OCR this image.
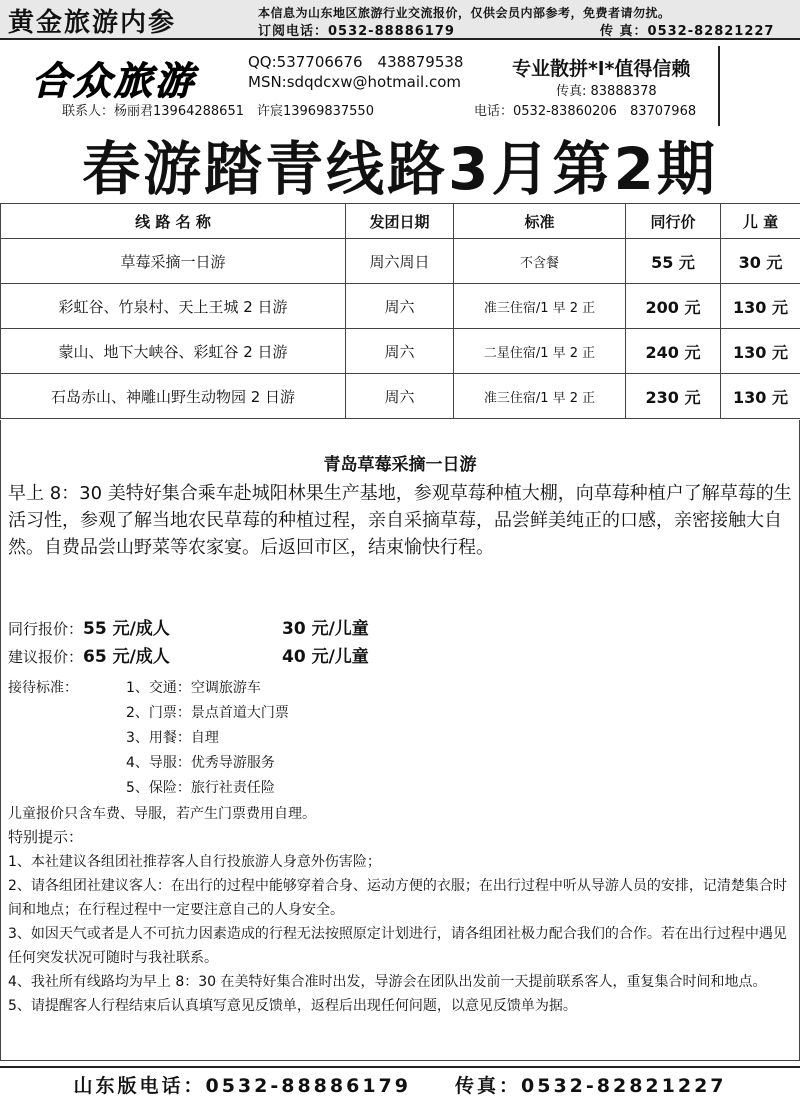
黄金旅游内参	本信息为山东地区旅游行业交流报价，仅供会员内部参考，免费者请勿扰。
订阅电话：0532-88886179	传 真：0532-82821227
合众旅游	QQ:537706676　438879538
MSN:sdqdcxw@hotmail.com
专业散拼*l*值得信赖
传真: 83888378
联系人：杨丽君13964288651　许宸13969837550	电话：0532-83860206　83707968
春游踏青线路3月第2期
线 路 名 称	发团日期	标准	同行价	儿 童
草莓采摘一日游	周六周日	不含餐	55 元	30 元
彩虹谷、竹泉村、天上王城 2 日游	周六	准三住宿/1 早 2 正	200 元	130 元
蒙山、地下大峡谷、彩虹谷 2 日游	周六	二星住宿/1 早 2 正	240 元	130 元
石岛赤山、神雕山野生动物园 2 日游	周六	准三住宿/1 早 2 正	230 元	130 元
青岛草莓采摘一日游
早上 8：30 美特好集合乘车赴城阳林果生产基地，参观草莓种植大棚，向草莓种植户了解草莓的生活习性，参观了解当地农民草莓的种植过程，亲自采摘草莓，品尝鲜美纯正的口感，亲密接触大自然。自费品尝山野菜等农家宴。后返回市区，结束愉快行程。
同行报价：55 元/成人	30 元/儿童
建议报价：65 元/成人	40 元/儿童
接待标准：	1、交通：空调旅游车
2、门票：景点首道大门票
3、用餐：自理
4、导服：优秀导游服务
5、保险：旅行社责任险
儿童报价只含车费、导服，若产生门票费用自理。
特别提示：

1、本社建议各组团社推荐客人自行投旅游人身意外伤害险；

2、请各组团社建议客人：在出行的过程中能够穿着合身、运动方便的衣服；在出行过程中听从导游人员的安排，记清楚集合时间和地点；在行程过程中一定要注意自己的人身安全。

3、如因天气或者是人不可抗力因素造成的行程无法按照原定计划进行，请各组团社极力配合我们的合作。若在出行过程中遇见任何突发状况可随时与我社联系。

4、我社所有线路均为早上 8：30 在美特好集合准时出发，导游会在团队出发前一天提前联系客人，重复集合时间和地点。

5、请提醒客人行程结束后认真填写意见反馈单，返程后出现任何问题，以意见反馈单为据。

山东版电话：0532-88886179　　传真：0532-82821227
